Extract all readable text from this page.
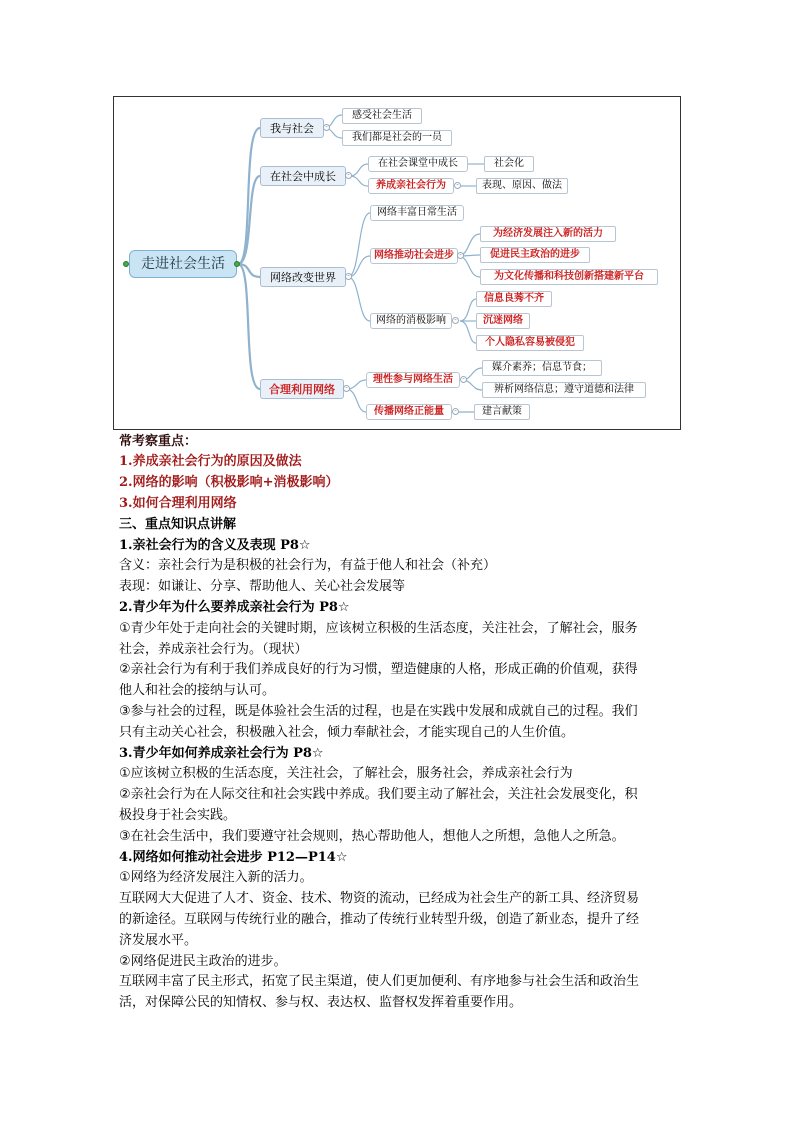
走进社会生活
我与社会	-
感受社会生活
我们都是社会的一员
在社会中成长	-
在社会课堂中成长	社会化
养成亲社会行为	-	表现、原因、做法
网络改变世界	-
网络丰富日常生活
网络推动社会进步 -
为经济发展注入新的活力
促进民主政治的进步
为文化传播和科技创新搭建新平台
网络的消极影响	-
信息良莠不齐
沉迷网络
个人隐私容易被侵犯
合理利用网络	-
理性参与网络生活	-
媒介素养；信息节食；
辨析网络信息；遵守道德和法律
传播网络正能量	-	建言献策
常考察重点：
1.养成亲社会行为的原因及做法
2.网络的影响（积极影响+消极影响）
3.如何合理利用网络
三、重点知识点讲解
1.亲社会行为的含义及表现 P8☆
含义：亲社会行为是积极的社会行为，有益于他人和社会（补充）
表现：如谦让、分享、帮助他人、关心社会发展等
2.青少年为什么要养成亲社会行为 P8☆
①青少年处于走向社会的关键时期，应该树立积极的生活态度，关注社会，了解社会，服务
社会，养成亲社会行为。（现状）
②亲社会行为有利于我们养成良好的行为习惯，塑造健康的人格，形成正确的价值观，获得
他人和社会的接纳与认可。
③参与社会的过程，既是体验社会生活的过程，也是在实践中发展和成就自己的过程。我们
只有主动关心社会，积极融入社会，倾力奉献社会，才能实现自己的人生价值。
3.青少年如何养成亲社会行为 P8☆
①应该树立积极的生活态度，关注社会，了解社会，服务社会，养成亲社会行为
②亲社会行为在人际交往和社会实践中养成。我们要主动了解社会，关注社会发展变化，积
极投身于社会实践。
③在社会生活中，我们要遵守社会规则，热心帮助他人，想他人之所想，急他人之所急。
4.网络如何推动社会进步 P12—P14☆
①网络为经济发展注入新的活力。
互联网大大促进了人才、资金、技术、物资的流动，已经成为社会生产的新工具、经济贸易
的新途径。互联网与传统行业的融合，推动了传统行业转型升级，创造了新业态，提升了经
济发展水平。
②网络促进民主政治的进步。
互联网丰富了民主形式，拓宽了民主渠道，使人们更加便利、有序地参与社会生活和政治生
活，对保障公民的知情权、参与权、表达权、监督权发挥着重要作用。
